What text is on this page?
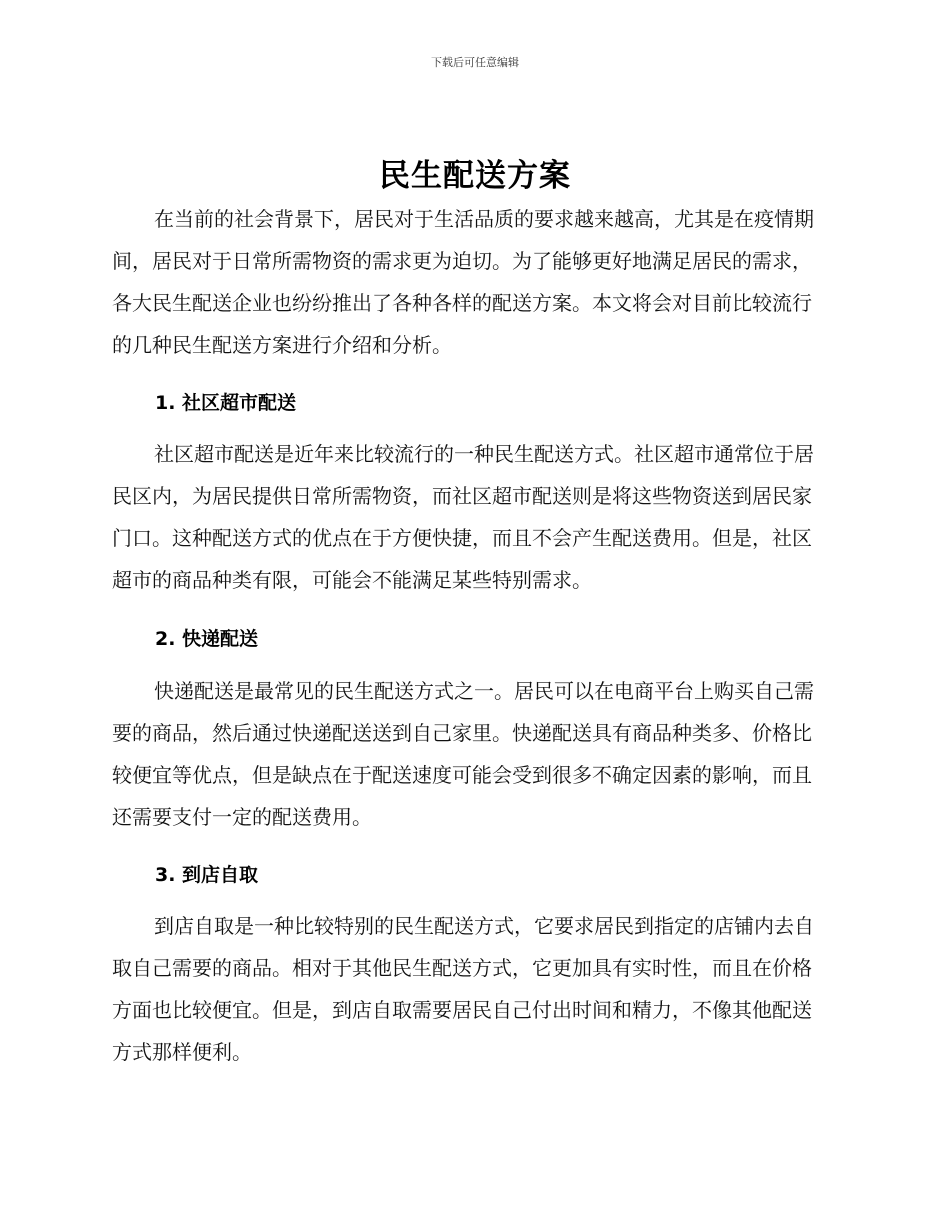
下载后可任意编辑
民生配送方案

在当前的社会背景下，居民对于生活品质的要求越来越高，尤其是在疫情期间，居民对于日常所需物资的需求更为迫切。为了能够更好地满足居民的需求，各大民生配送企业也纷纷推出了各种各样的配送方案。本文将会对目前比较流行的几种民生配送方案进行介绍和分析。

1. 社区超市配送

社区超市配送是近年来比较流行的一种民生配送方式。社区超市通常位于居民区内，为居民提供日常所需物资，而社区超市配送则是将这些物资送到居民家门口。这种配送方式的优点在于方便快捷，而且不会产生配送费用。但是，社区超市的商品种类有限，可能会不能满足某些特别需求。

2. 快递配送

快递配送是最常见的民生配送方式之一。居民可以在电商平台上购买自己需要的商品，然后通过快递配送送到自己家里。快递配送具有商品种类多、价格比较便宜等优点，但是缺点在于配送速度可能会受到很多不确定因素的影响，而且还需要支付一定的配送费用。

3. 到店自取

到店自取是一种比较特别的民生配送方式，它要求居民到指定的店铺内去自取自己需要的商品。相对于其他民生配送方式，它更加具有实时性，而且在价格方面也比较便宜。但是，到店自取需要居民自己付出时间和精力，不像其他配送方式那样便利。
